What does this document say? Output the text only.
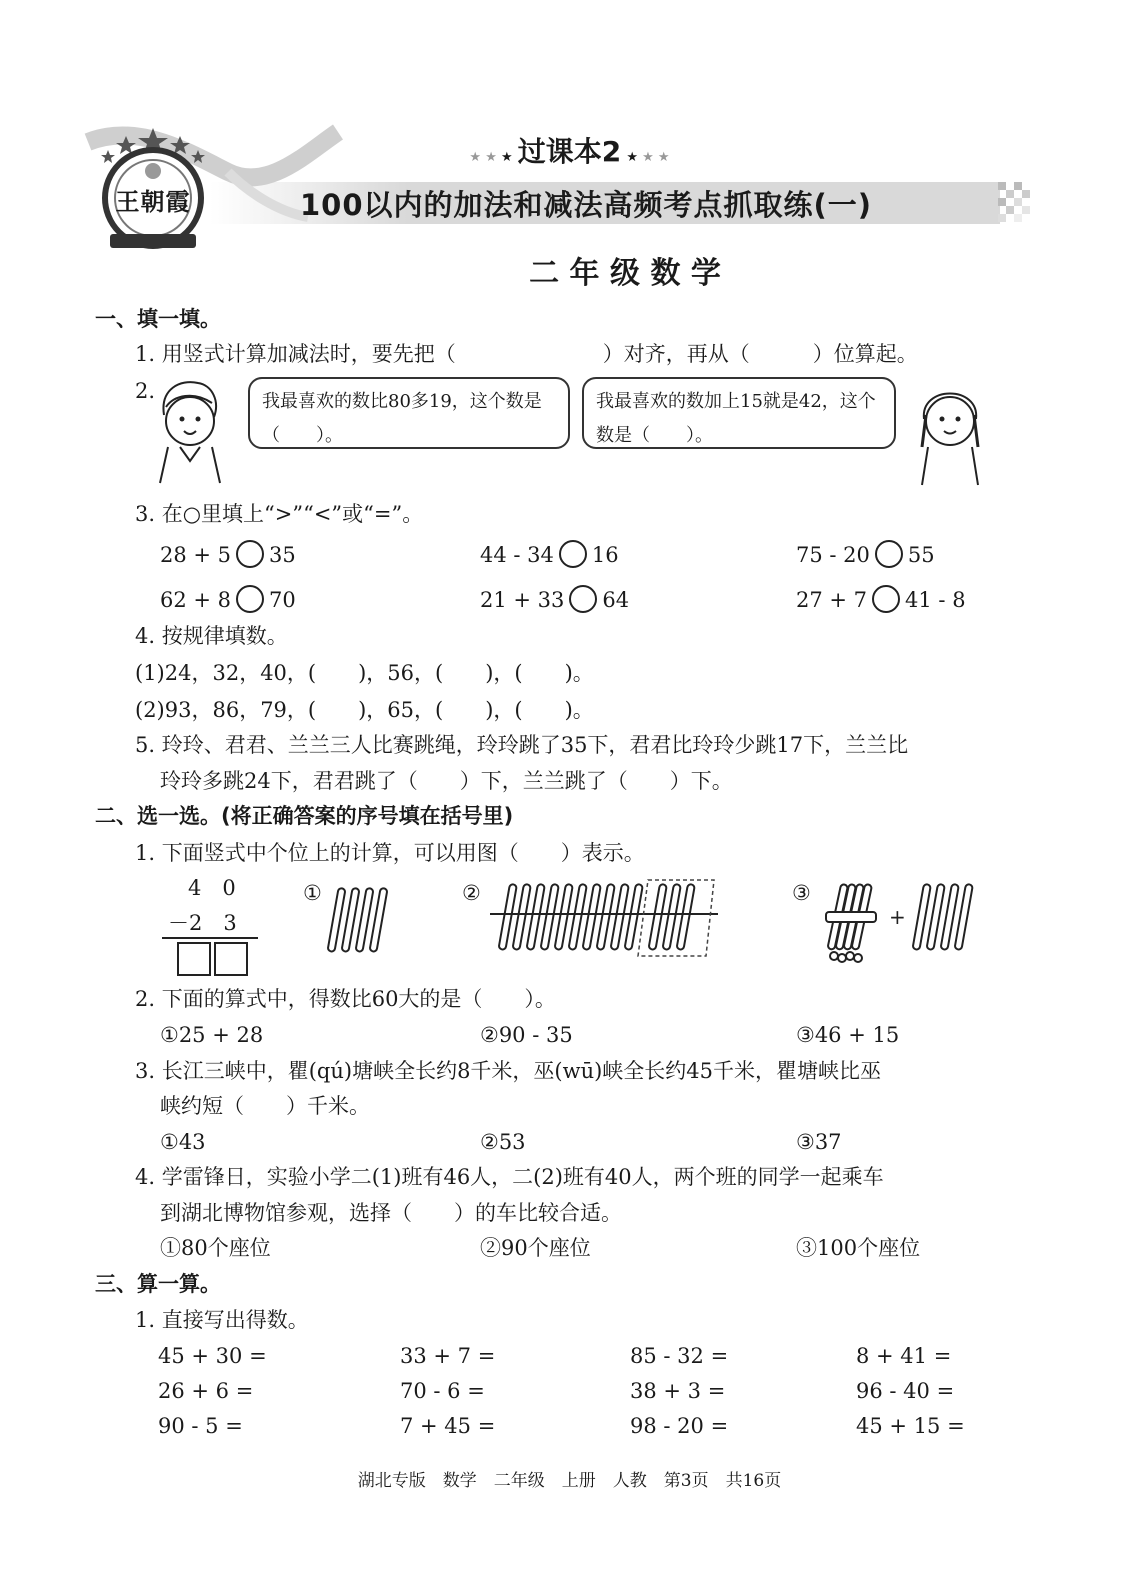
王朝霞
★ ★ ★ 过课本2 ★ ★ ★
100以内的加法和减法高频考点抓取练(一)
二 年 级 数 学
一、填一填。
1. 用竖式计算加减法时，要先把（　　　　　　　）对齐，再从（　　　）位算起。
2.	我最喜欢的数比80多19，这个数是（　　）。
我最喜欢的数加上15就是42，这个数是（　　）。
3. 在○里填上“>”“<”或“=”。
28 + 5 35	44 - 34 16	75 - 20 55
62 + 8 70	21 + 33 64	27 + 7 41 - 8
4. 按规律填数。
(1)24，32，40，(　　)，56，(　　)，(　　)。
(2)93，86，79，(　　)，65，(　　)，(　　)。
5. 玲玲、君君、兰兰三人比赛跳绳，玲玲跳了35下，君君比玲玲少跳17下，兰兰比
玲玲多跳24下，君君跳了（　　）下，兰兰跳了（　　）下。
二、选一选。(将正确答案的序号填在括号里)
1. 下面竖式中个位上的计算，可以用图（　　）表示。
4　0
－2　3
①	②	③
+
2. 下面的算式中，得数比60大的是（　　）。
①25 + 28	②90 - 35	③46 + 15
3. 长江三峡中，瞿(qú)塘峡全长约8千米，巫(wū)峡全长约45千米，瞿塘峡比巫
峡约短（　　）千米。
①43	②53	③37
4. 学雷锋日，实验小学二(1)班有46人，二(2)班有40人，两个班的同学一起乘车
到湖北博物馆参观，选择（　　）的车比较合适。
①80个座位	②90个座位	③100个座位
三、算一算。
1. 直接写出得数。
45 + 30 =	33 + 7 =	85 - 32 =	8 + 41 =
26 + 6 =	70 - 6 =	38 + 3 =	96 - 40 =
90 - 5 =	7 + 45 =	98 - 20 =	45 + 15 =
湖北专版　数学　二年级　上册　人教　第3页　共16页
